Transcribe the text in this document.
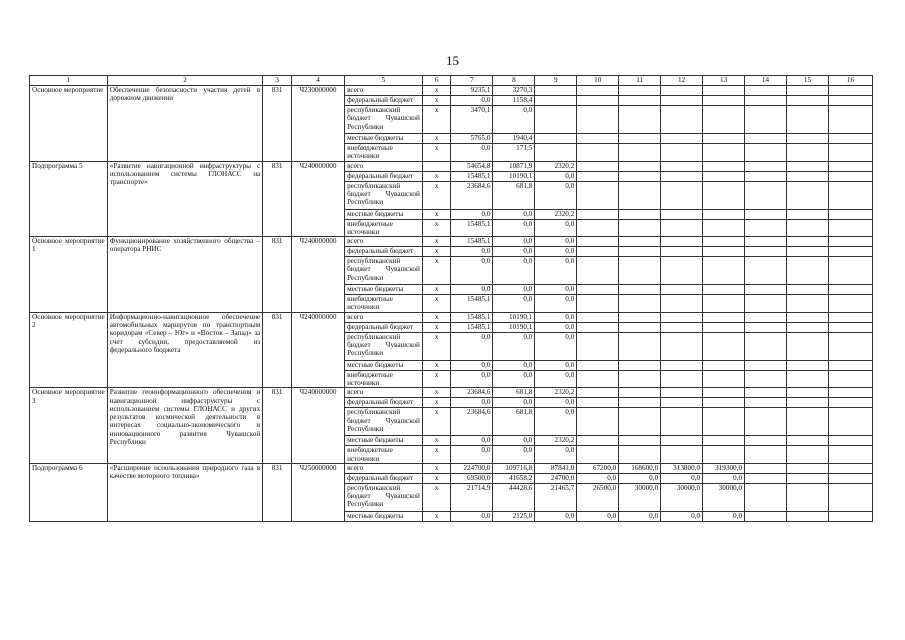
15
1	2	3	4	5	6	7	8	9	10	11	12	13	14	15	16
Основное мероприятие	Обеспечение безопасности участия детей в дорожном движении	831	Ч230000000	всего	x	9235,1	3270,3								
				федеральный бюджет	x	0,0	1158,4								
				республиканский бюджет Чувашской Республики	x	3470,1	0,0								
				местные бюджеты	x	5765,0	1940,4								
				внебюджетные источники	x	0,0	171,5								
Подпрограмма 5	«Развитие навигационной инфраструктуры с использованием системы ГЛОНАСС на транспорте»	831	Ч240000000	всего		54654,8	10871,9	2320,2							
				федеральный бюджет	x	15485,1	10190,1	0,0							
				республиканский бюджет Чувашской Республики	x	23684,6	681,8	0,0							
				местные бюджеты	x	0,0	0,0	2320,2							
				внебюджетные источники	x	15485,1	0,0	0,0							
Основное мероприятие 1	Функционирование хозяйственного общества – оператора РНИС	831	Ч240000000	всего	x	15485,1	0,0	0,0							
				федеральный бюджет	x	0,0	0,0	0,0							
				республиканский бюджет Чувашской Республики	x	0,0	0,0	0,0							
				местные бюджеты	x	0,0	0,0	0,0							
				внебюджетные источники	x	15485,1	0,0	0,0							
Основное мероприятие 2	Информационно-навигационное обеспечение автомобильных маршрутов по транспортным коридорам «Север – Юг» и «Восток – Запад» за счет субсидии, предоставляемой из федерального бюджета	831	Ч240000000	всего	x	15485,1	10190,1	0,0							
				федеральный бюджет	x	15485,1	10190,1	0,0							
				республиканский бюджет Чувашской Республики	x	0,0	0,0	0,0							
				местные бюджеты	x	0,0	0,0	0,0							
				внебюджетные источники	x	0,0	0,0	0,0							
Основное мероприятие 3	Развитие геоинформационного обеспечения и навигационной инфраструктуры с использованием системы ГЛОНАСС и других результатов космической деятельности в интересах социально-экономического и инновационного развития Чувашской Республики	831	Ч240000000	всего	x	23684,6	681,8	2320,2							
				федеральный бюджет	x	0,0	0,0	0,0							
				республиканский бюджет Чувашской Республики	x	23684,6	681,8	0,0							
				местные бюджеты	x	0,0	0,0	2320,2							
				внебюджетные источники	x	0,0	0,0	0,0							
Подпрограмма 6	«Расширение использования природного газа в качестве моторного топлива»	831	Ч250000000	всего	x	224700,0	109716,8	87841,0	67200,0	168600,0	313800,0	319300,0			
				федеральный бюджет	x	69500,0	41658,2	24700,0	0,0	0,0	0,0	0,0			
				республиканский бюджет Чувашской Республики	x	21714,9	44428,6	21465,7	26500,0	30000,0	30000,0	30000,0			
				местные бюджеты	x	0,0	2125,0	0,0	0,0	0,0	0,0	0,0			
